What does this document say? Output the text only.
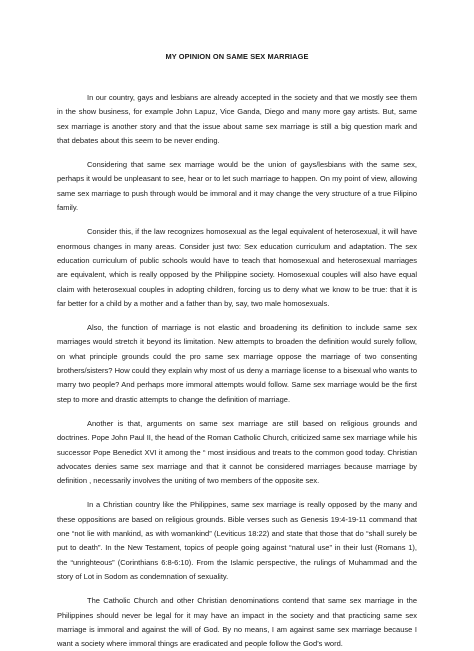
MY OPINION ON SAME SEX MARRIAGE

In our country, gays and lesbians are already accepted in the society and that we mostly see them in the show business, for example John Lapuz, Vice Ganda, Diego and many more gay artists. But, same sex marriage is another story and that the issue about same sex marriage is still a big question mark and that debates about this seem to be never ending.

Considering that same sex marriage would be the union of gays/lesbians with the same sex, perhaps it would be unpleasant to see, hear or to let such marriage to happen. On my point of view, allowing same sex marriage to push through would be immoral and it may change the very structure of a true Filipino family.

Consider this, if the law recognizes homosexual as the legal equivalent of heterosexual, it will have enormous changes in many areas. Consider just two: Sex education curriculum and adaptation. The sex education curriculum of public schools would have to teach that homosexual and heterosexual marriages are equivalent, which is really opposed by the Philippine society. Homosexual couples will also have equal claim with heterosexual couples in adopting children, forcing us to deny what we know to be true: that it is far better for a child by a mother and a father than by, say, two male homosexuals.

Also, the function of marriage is not elastic and broadening its definition to include same sex marriages would stretch it beyond its limitation. New attempts to broaden the definition would surely follow, on what principle grounds could the pro same sex marriage oppose the marriage of two consenting brothers/sisters? How could they explain why most of us deny a marriage license to a bisexual who wants to marry two people? And perhaps more immoral attempts would follow. Same sex marriage would be the first step to more and drastic attempts to change the definition of marriage.

Another is that, arguments on same sex marriage are still based on religious grounds and doctrines. Pope John Paul II, the head of the Roman Catholic Church, criticized same sex marriage while his successor Pope Benedict XVI it among the “ most insidious and treats to the common good today. Christian advocates denies same sex marriage and that it cannot be considered marriages because marriage by definition , necessarily involves the uniting of two members of the opposite sex.

In a Christian country like the Philippines, same sex marriage is really opposed by the many and these oppositions are based on religious grounds. Bible verses such as Genesis 19:4-19-11 command that one “not lie with mankind, as with womankind” (Leviticus 18:22) and state that those that do “shall surely be put to death”. In the New Testament, topics of people going against “natural use” in their lust (Romans 1), the “unrighteous” (Corinthians 6:8-6:10). From the Islamic perspective, the rulings of Muhammad and the story of Lot in Sodom as condemnation of sexuality.

The Catholic Church and other Christian denominations contend that same sex marriage in the Philippines should never be legal for it may have an impact in the society and that practicing same sex marriage is immoral and against the will of God. By no means, I am against same sex marriage because I want a society where immoral things are eradicated and people follow the God’s word.
